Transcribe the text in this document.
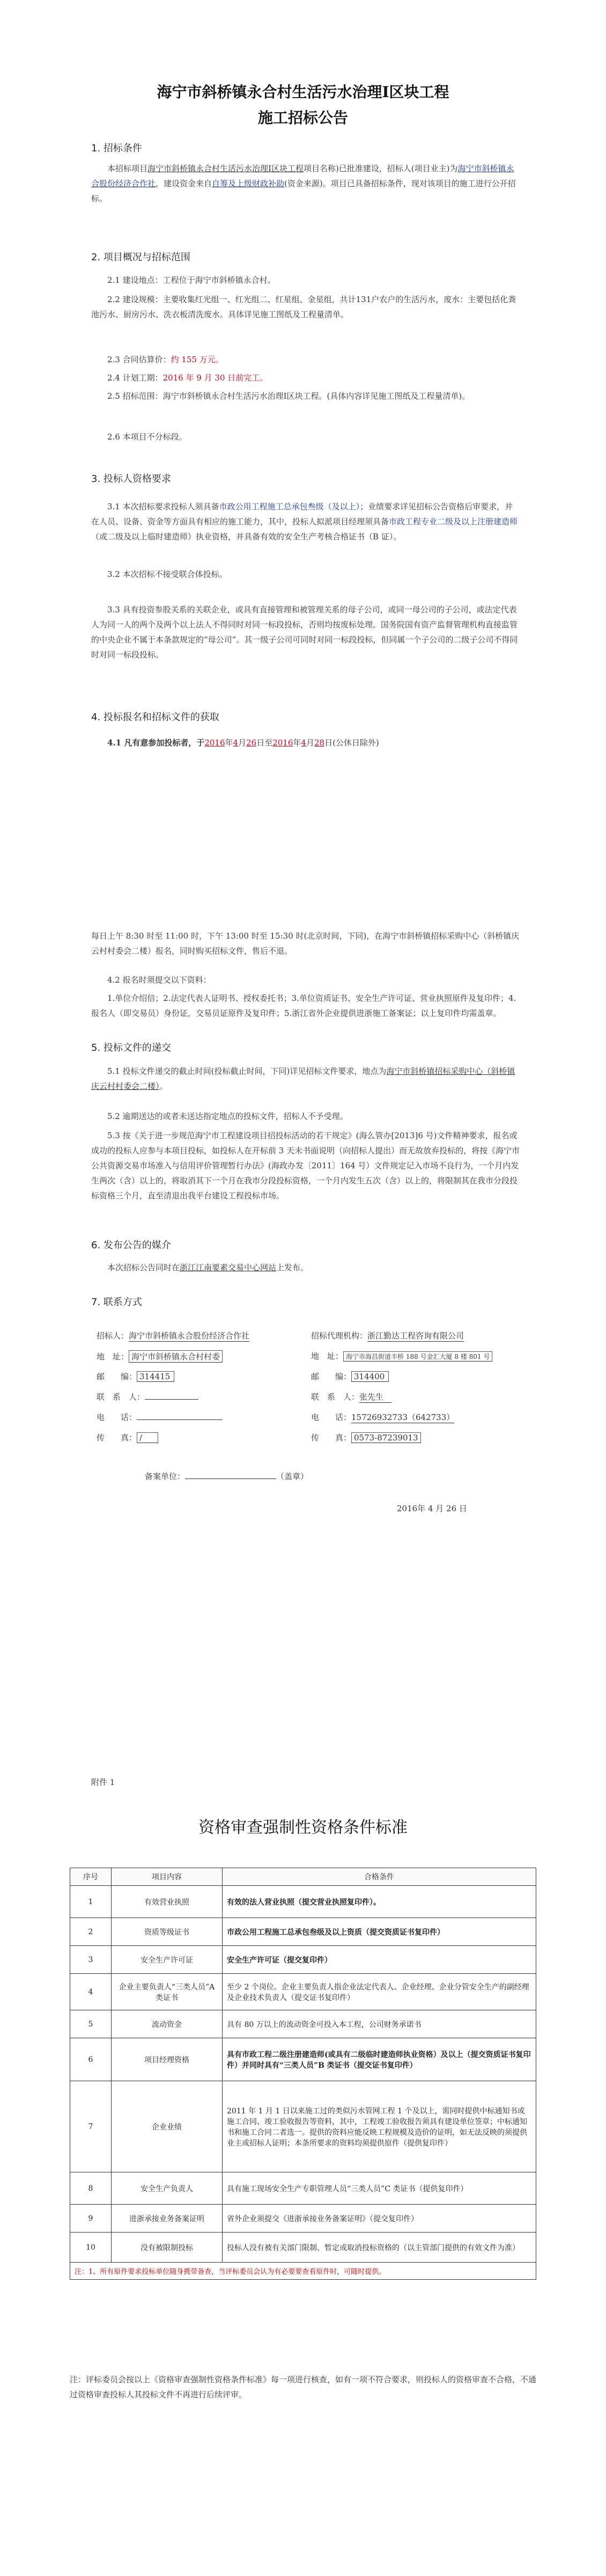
海宁市斜桥镇永合村生活污水治理Ⅰ区块工程
施工招标公告
1. 招标条件
本招标项目海宁市斜桥镇永合村生活污水治理Ⅰ区块工程项目名称)已批准建设，招标人(项目业主)为海宁市斜桥镇永合股份经济合作社，建设资金来自自筹及上级财政补助(资金来源)。项目已具备招标条件，现对该项目的施工进行公开招标。
2. 项目概况与招标范围
2.1 建设地点：工程位于海宁市斜桥镇永合村。
2.2 建设规模：主要收集红光组一、红光组二、红星组、金星组，共计131户农户的生活污水，废水：主要包括化粪池污水、厨房污水、洗衣板清洗废水。具体详见施工图纸及工程量清单。
2.3 合同估算价：约 155 万元。
2.4 计划工期：2016 年 9 月 30 日前完工。
2.5 招标范围：海宁市斜桥镇永合村生活污水治理Ⅰ区块工程。(具体内容详见施工图纸及工程量清单)。
2.6 本项目不分标段。
3. 投标人资格要求
3.1 本次招标要求投标人须具备市政公用工程施工总承包叁级（及以上）；业绩要求详见招标公告资格后审要求，并在人员、设备、资金等方面具有相应的施工能力，其中，投标人拟派项目经理须具备市政工程专业二级及以上注册建造师（或二级及以上临时建造师）执业资格，并具备有效的安全生产考核合格证书（B 证）。
3.2 本次招标不接受联合体投标。
3.3 具有投资参股关系的关联企业，或具有直接管理和被管理关系的母子公司，或同一母公司的子公司，或法定代表人为同一人的两个及两个以上法人不得同时对同一标段投标，否则均按废标处理。国务院国有资产监督管理机构直接监管的中央企业不属于本条款规定的“母公司”。其一级子公司可同时对同一标段投标，但同属一个子公司的二级子公司不得同时对同一标段投标。
4. 投标报名和招标文件的获取
4.1 凡有意参加投标者，于2016年4月26日至2016年4月28日(公休日除外)
每日上午 8:30 时至 11:00 时，下午 13:00 时至 15:30 时(北京时间，下同)，在海宁市斜桥镇招标采购中心（斜桥镇庆云村村委会二楼）报名，同时购买招标文件，售后不退。
4.2 报名时须提交以下资料：
1.单位介绍信；2.法定代表人证明书、授权委托书；3.单位资质证书、安全生产许可证、营业执照原件及复印件；4.报名人（即交易员）身份证，交易员证原件及复印件；5.浙江省外企业提供进浙施工备案证；以上复印件均需盖章。
5. 投标文件的递交
5.1 投标文件递交的截止时间(投标截止时间，下同)详见招标文件要求，地点为海宁市斜桥镇招标采购中心（斜桥镇庆云村村委会二楼）。
5.2 逾期送达的或者未送达指定地点的投标文件，招标人不予受理。
5.3 按《关于进一步规范海宁市工程建设项目招投标活动的若干规定》(海么管办[2013]6 号)文件精神要求，报名或成功的投标人应参与本项目投标，如投标人在开标前 3 天未书面说明（向招标人提出）而无故放弃投标的，将按《海宁市公共资源交易市场准入与信用评价管理暂行办法》(海政办发〔2011〕164 号）文件规定记入市场不良行为，一个月内发生两次（含）以上的，将取消其下一个月在我市分段投标资格，一个月内发生五次（含）以上的，将限制其在我市分段投标资格三个月，直至清退出我平台建设工程投标市场。
6. 发布公告的媒介
本次招标公告同时在浙江江南要素交易中心网站上发布。
7. 联系方式
招标人：海宁市斜桥镇永合股份经济合作社
地　址： 海宁市斜桥镇永合村村委
邮　　编： 314415
联　系　人：
电　　话：
传　　真： /
招标代理机构：浙江勤达工程咨询有限公司
地　址： 海宁市海昌街道丰桥 188 号金汇大厦 8 楼 801 号
邮　　编： 314400
联　系　人：张先生
电　　话：15726932733（642733）
传　　真： 0573-87239013
备案单位：	（盖章）
2016年 4 月 26 日
附件 1
资格审查强制性资格条件标准
序号	项目内容	合格条件
1	有效营业执照	有效的法人营业执照（提交营业执照复印件）。
2	资质等级证书	市政公用工程施工总承包叁级及以上资质（提交资质证书复印件）
3	安全生产许可证	安全生产许可证（提交复印件）
4	企业主要负责人“三类人员”A 类证书	至少 2 个岗位。企业主要负责人指企业法定代表人、企业经理、企业分管安全生产的副经理及企业技术负责人（提交证书复印件）
5	流动资金	具有 80 万以上的流动资金可投入本工程，公司财务承诺书
6	项目经理资格	具有市政工程二级注册建造师(或具有二级临时建造师执业资格）及以上（提交资质证书复印件）并同时具有“三类人员”B 类证书（提交证书复印件）
7	企业业绩	2011 年 1 月 1 日以来施工过的类似污水管网工程 1 个及以上，需同时提供中标通知书或施工合同、竣工验收报告等资料，其中，工程竣工验收报告须具有建设单位签章；中标通知书和施工合同二者选一。提供的资料应能反映工程规模及造价的证明，如无法反映的须提供业主或招标人证明；本条所要求的资料均须提供原件（提供复印件）
8	安全生产负责人	具有施工现场安全生产专职管理人员“三类人员”C 类证书（提供复印件）
9	进浙承接业务备案证明	省外企业须提交《进浙承接业务备案证明》（提交复印件）
10	没有被限制投标	投标人没有被有关部门限制、暂定或取消投标资格的（以主管部门提供的有效文件为准）
注：1、所有原件要求投标单位随身携带备查，当评标委员会认为有必要要查看原件时，可随时提供。		
注：评标委员会按以上《资格审查强制性资格条件标准》每一项进行核查，如有一项不符合要求，则投标人的资格审查不合格，不通过资格审查投标人其投标文件不再进行后续评审。
